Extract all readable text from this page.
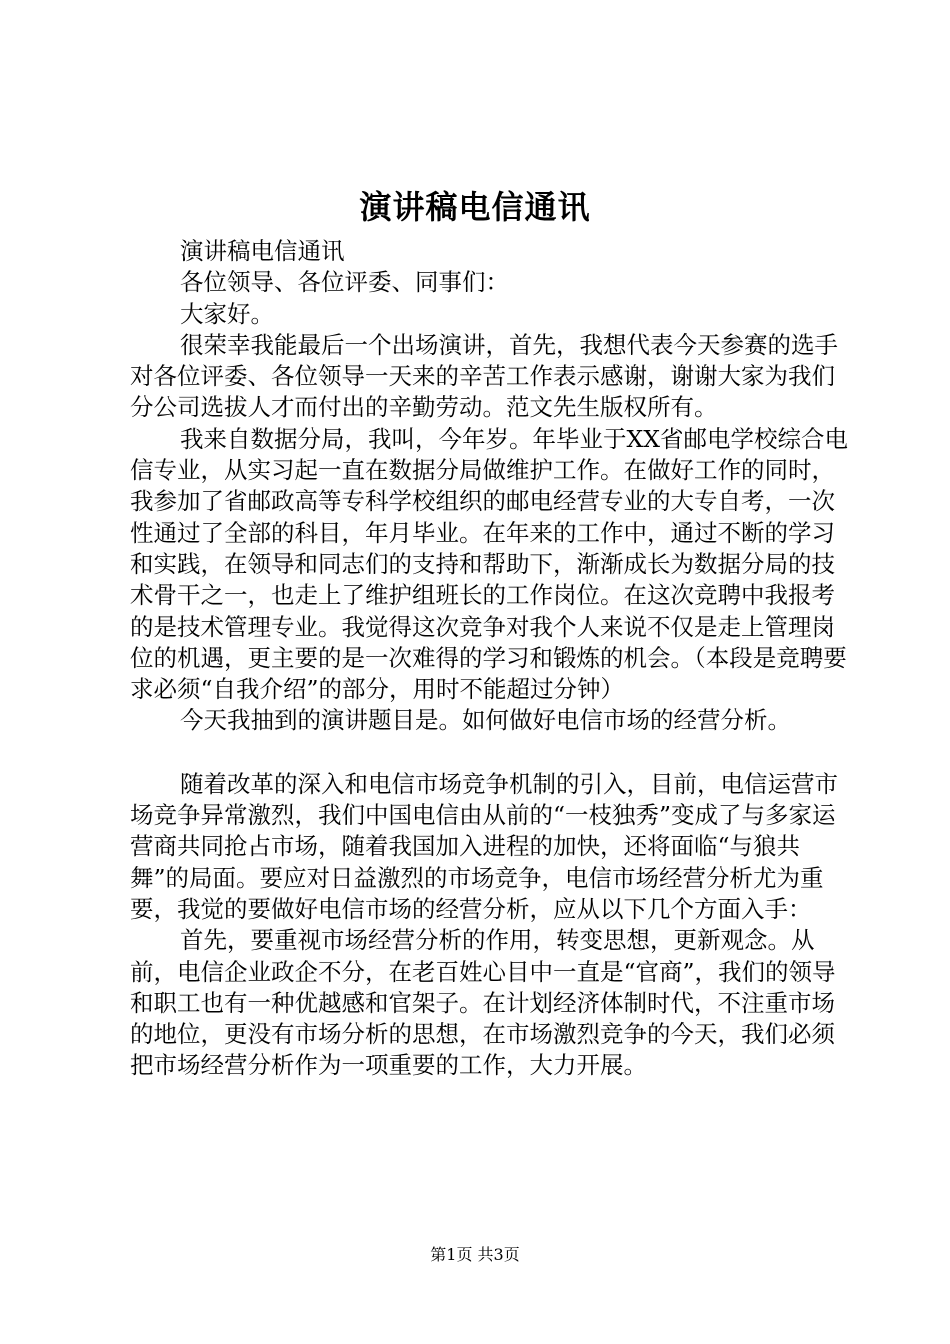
演讲稿电信通讯

演讲稿电信通讯

各位领导、各位评委、同事们：

大家好。

很荣幸我能最后一个出场演讲，首先，我想代表今天参赛的选手对各位评委、各位领导一天来的辛苦工作表示感谢，谢谢大家为我们分公司选拔人才而付出的辛勤劳动。范文先生版权所有。

我来自数据分局，我叫，今年岁。年毕业于XX省邮电学校综合电信专业，从实习起一直在数据分局做维护工作。在做好工作的同时，我参加了省邮政高等专科学校组织的邮电经营专业的大专自考，一次性通过了全部的科目，年月毕业。在年来的工作中，通过不断的学习和实践，在领导和同志们的支持和帮助下，渐渐成长为数据分局的技术骨干之一，也走上了维护组班长的工作岗位。在这次竞聘中我报考的是技术管理专业。我觉得这次竞争对我个人来说不仅是走上管理岗位的机遇，更主要的是一次难得的学习和锻炼的机会。（本段是竞聘要求必须“自我介绍”的部分，用时不能超过分钟）

今天我抽到的演讲题目是。如何做好电信市场的经营分析。

随着改革的深入和电信市场竞争机制的引入，目前，电信运营市场竞争异常激烈，我们中国电信由从前的“一枝独秀”变成了与多家运营商共同抢占市场，随着我国加入进程的加快，还将面临“与狼共舞”的局面。要应对日益激烈的市场竞争，电信市场经营分析尤为重要，我觉的要做好电信市场的经营分析，应从以下几个方面入手：

首先，要重视市场经营分析的作用，转变思想，更新观念。从前，电信企业政企不分，在老百姓心目中一直是“官商”，我们的领导和职工也有一种优越感和官架子。在计划经济体制时代，不注重市场的地位，更没有市场分析的思想，在市场激烈竞争的今天，我们必须把市场经营分析作为一项重要的工作，大力开展。

第1页 共3页
